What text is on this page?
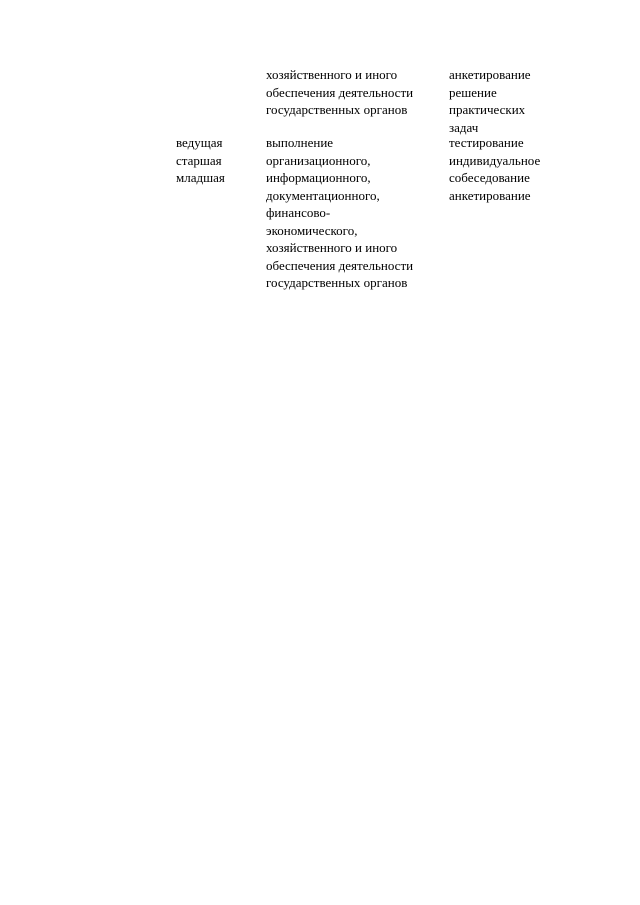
хозяйственного и иного
обеспечения деятельности
государственных органов
анкетирование
решение
практических
задач
ведущая
старшая
младшая
выполнение
организационного,
информационного,
документационного,
финансово-
экономического,
хозяйственного и иного
обеспечения деятельности
государственных органов
тестирование
индивидуальное
собеседование
анкетирование
